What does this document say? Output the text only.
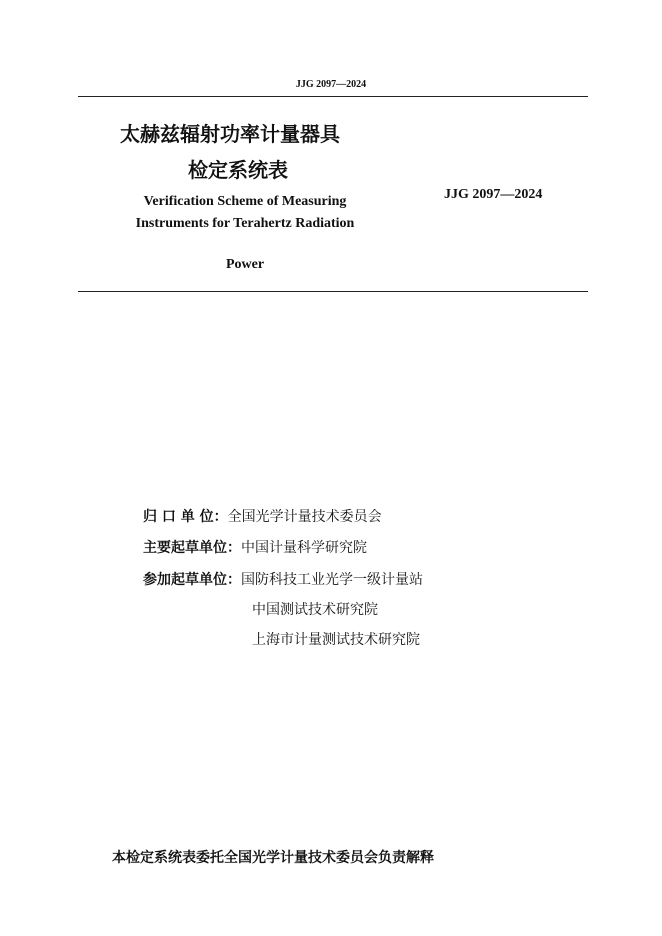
JJG 2097—2024
太赫兹辐射功率计量器具
检定系统表
Verification Scheme of Measuring
Instruments for Terahertz Radiation
Power
JJG 2097—2024
归 口 单 位：全国光学计量技术委员会
主要起草单位：中国计量科学研究院
参加起草单位：国防科技工业光学一级计量站
中国测试技术研究院
上海市计量测试技术研究院
本检定系统表委托全国光学计量技术委员会负责解释
